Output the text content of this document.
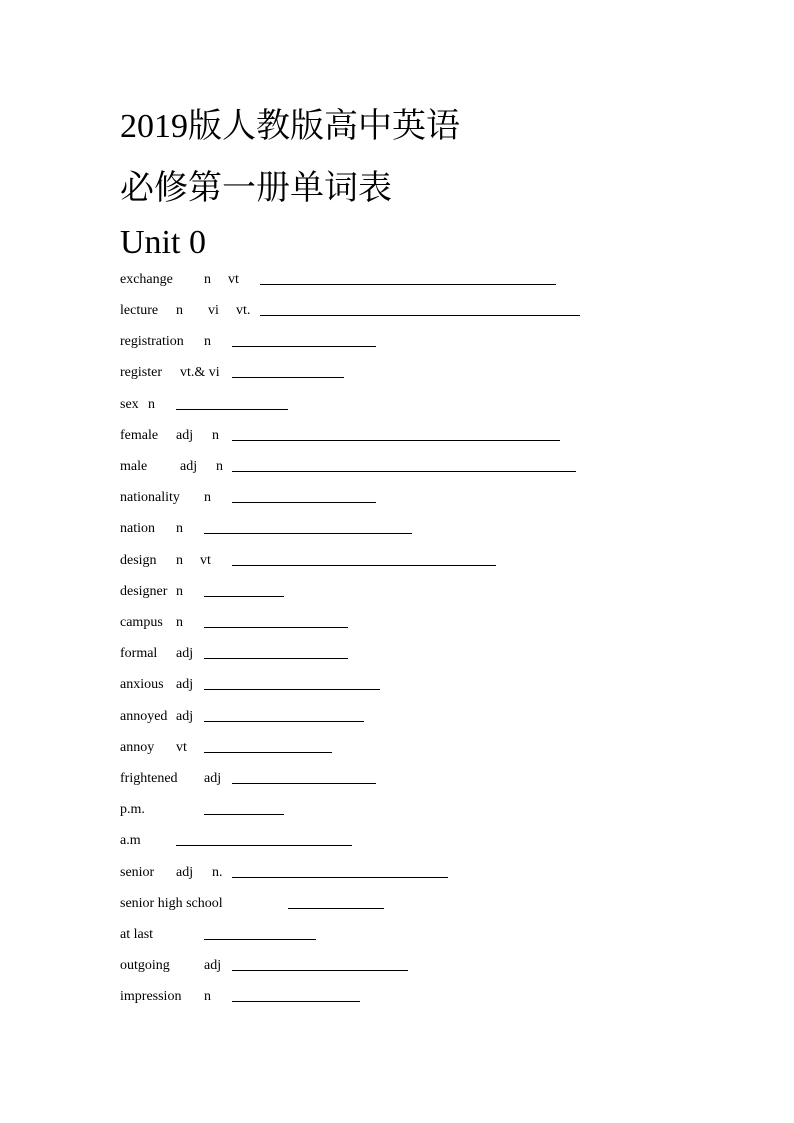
2019版人教版高中英语
必修第一册单词表
Unit 0
exchange n vt
lecture n vi vt.
registration n
register vt.& vi
sex n
female adj n
male adj n
nationality n
nation n
design n vt
designer n
campus n
formal adj
anxious adj
annoyed adj
annoy vt
frightened adj
p.m.
a.m
senior adj n.
senior high school
at last
outgoing adj
impression n
